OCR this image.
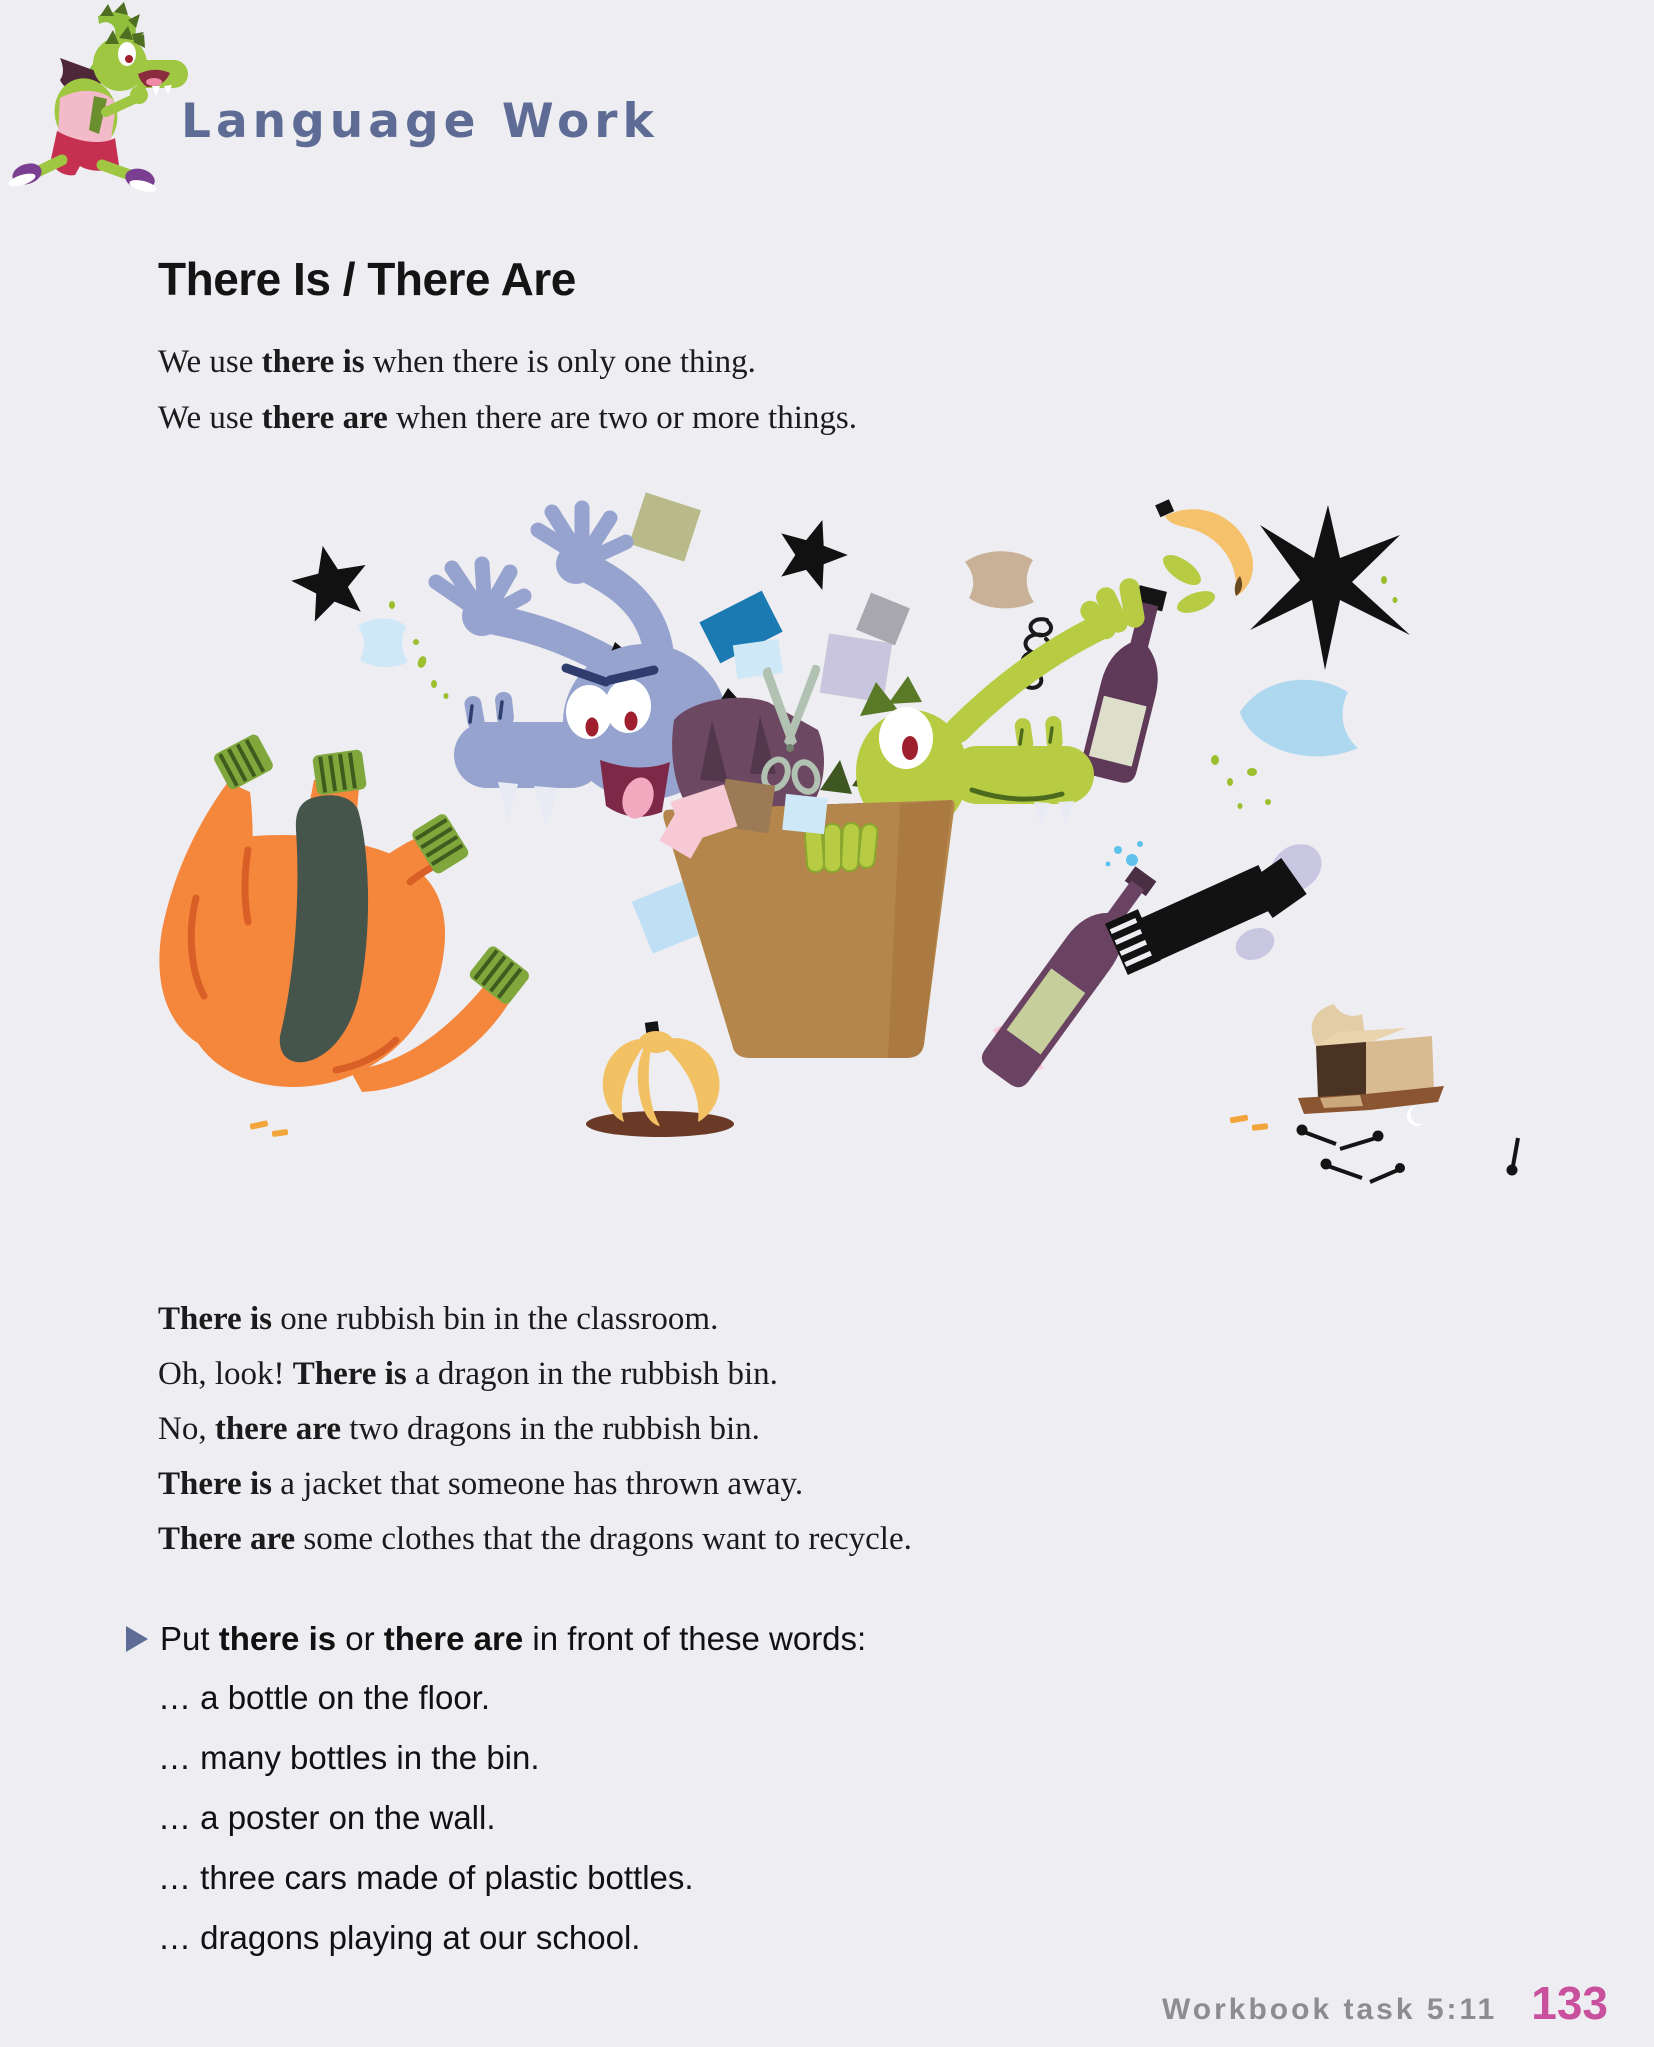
Language Work
There Is / There Are
We use there is when there is only one thing.
We use there are when there are two or more things.
There is one rubbish bin in the classroom.
Oh, look! There is a dragon in the rubbish bin.
No, there are two dragons in the rubbish bin.
There is a jacket that someone has thrown away.
There are some clothes that the dragons want to recycle.
Put there is or there are in front of these words:
… a bottle on the floor.
… many bottles in the bin.
… a poster on the wall.
… three cars made of plastic bottles.
… dragons playing at our school.
Workbook task 5:11 133
